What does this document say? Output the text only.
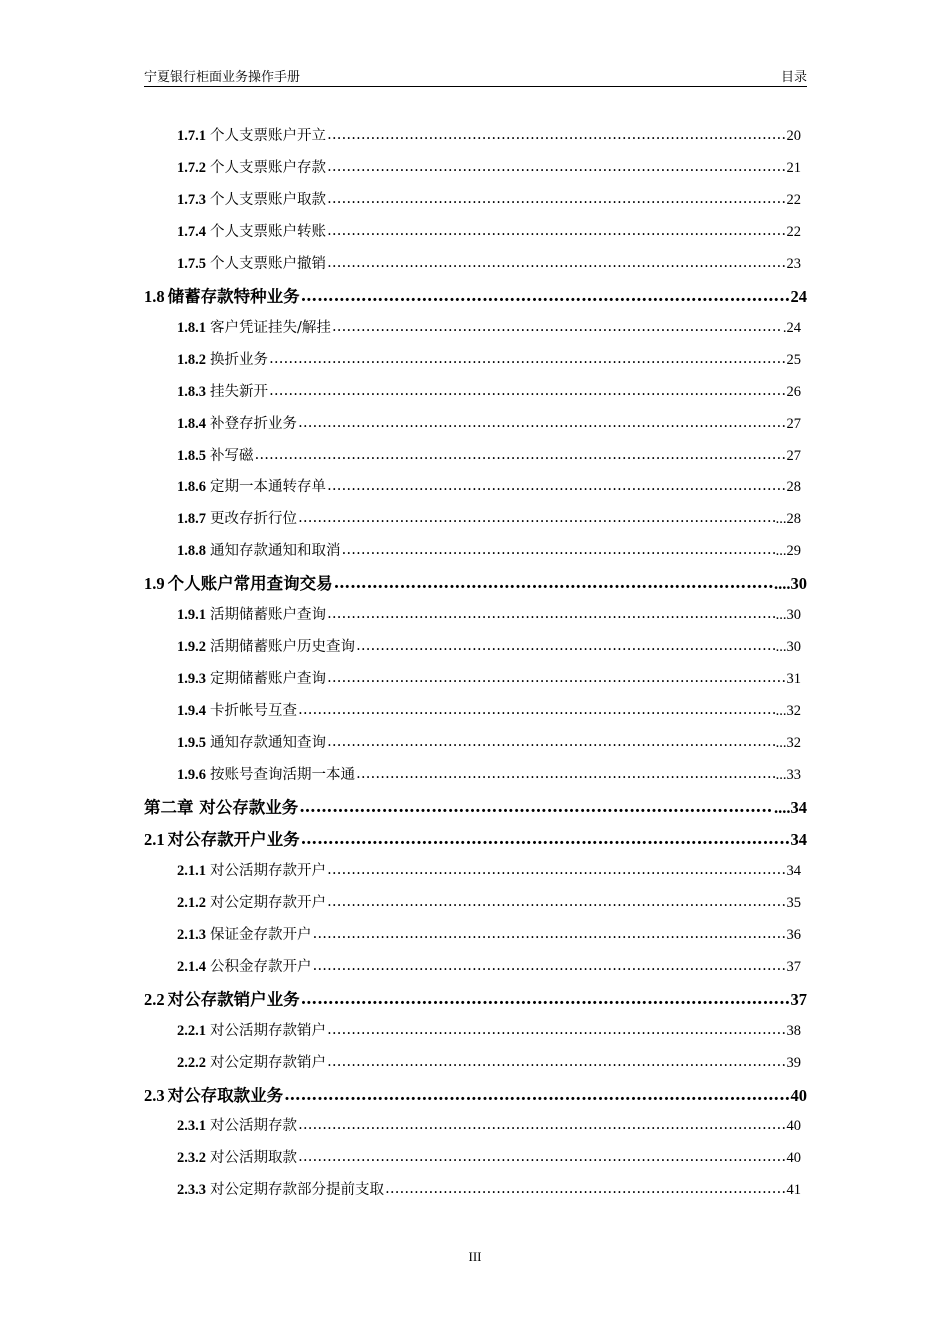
宁夏银行柜面业务操作手册	目录
1.7.1 个人支票账户开立 …………………………………………………………………………………………………………………………………………………………………………………………………………………………	20
1.7.2 个人支票账户存款 …………………………………………………………………………………………………………………………………………………………………………………………………………………………	21
1.7.3 个人支票账户取款 …………………………………………………………………………………………………………………………………………………………………………………………………………………………	22
1.7.4 个人支票账户转账 …………………………………………………………………………………………………………………………………………………………………………………………………………………………	22
1.7.5 个人支票账户撤销 …………………………………………………………………………………………………………………………………………………………………………………………………………………………	23
1.8 储蓄存款特种业务 …………………………………………………………………………………………………………………………………………………………………………………………………………………………	24
1.8.1 客户凭证挂失/解挂 …………………………………………………………………………………………………………………………………………………………………………………………………………………………	.24
1.8.2 换折业务 …………………………………………………………………………………………………………………………………………………………………………………………………………………………	25
1.8.3 挂失新开 …………………………………………………………………………………………………………………………………………………………………………………………………………………………	26
1.8.4 补登存折业务 …………………………………………………………………………………………………………………………………………………………………………………………………………………………	27
1.8.5 补写磁 …………………………………………………………………………………………………………………………………………………………………………………………………………………………	27
1.8.6 定期一本通转存单 …………………………………………………………………………………………………………………………………………………………………………………………………………………………	28
1.8.7 更改存折行位 …………………………………………………………………………………………………………………………………………………………………………………………………………………………	...28
1.8.8 通知存款通知和取消 …………………………………………………………………………………………………………………………………………………………………………………………………………………………	...29
1.9 个人账户常用查询交易 …………………………………………………………………………………………………………………………………………………………………………………………………………………………	....30
1.9.1 活期储蓄账户查询 …………………………………………………………………………………………………………………………………………………………………………………………………………………………	...30
1.9.2 活期储蓄账户历史查询 …………………………………………………………………………………………………………………………………………………………………………………………………………………………	...30
1.9.3 定期储蓄账户查询 …………………………………………………………………………………………………………………………………………………………………………………………………………………………	31
1.9.4 卡折帐号互查 …………………………………………………………………………………………………………………………………………………………………………………………………………………………	...32
1.9.5 通知存款通知查询 …………………………………………………………………………………………………………………………………………………………………………………………………………………………	...32
1.9.6 按账号查询活期一本通 …………………………………………………………………………………………………………………………………………………………………………………………………………………………	...33
第二章 对公存款业务 …………………………………………………………………………………………………………………………………………………………………………………………………………………………	....34
2.1 对公存款开户业务 …………………………………………………………………………………………………………………………………………………………………………………………………………………………	34
2.1.1 对公活期存款开户 …………………………………………………………………………………………………………………………………………………………………………………………………………………………	34
2.1.2 对公定期存款开户 …………………………………………………………………………………………………………………………………………………………………………………………………………………………	35
2.1.3 保证金存款开户 …………………………………………………………………………………………………………………………………………………………………………………………………………………………	36
2.1.4 公积金存款开户 …………………………………………………………………………………………………………………………………………………………………………………………………………………………	37
2.2 对公存款销户业务 …………………………………………………………………………………………………………………………………………………………………………………………………………………………	37
2.2.1 对公活期存款销户 …………………………………………………………………………………………………………………………………………………………………………………………………………………………	38
2.2.2 对公定期存款销户 …………………………………………………………………………………………………………………………………………………………………………………………………………………………	39
2.3 对公存取款业务 …………………………………………………………………………………………………………………………………………………………………………………………………………………………	40
2.3.1 对公活期存款 …………………………………………………………………………………………………………………………………………………………………………………………………………………………	40
2.3.2 对公活期取款 …………………………………………………………………………………………………………………………………………………………………………………………………………………………	40
2.3.3 对公定期存款部分提前支取 …………………………………………………………………………………………………………………………………………………………………………………………………………………………	41
III
